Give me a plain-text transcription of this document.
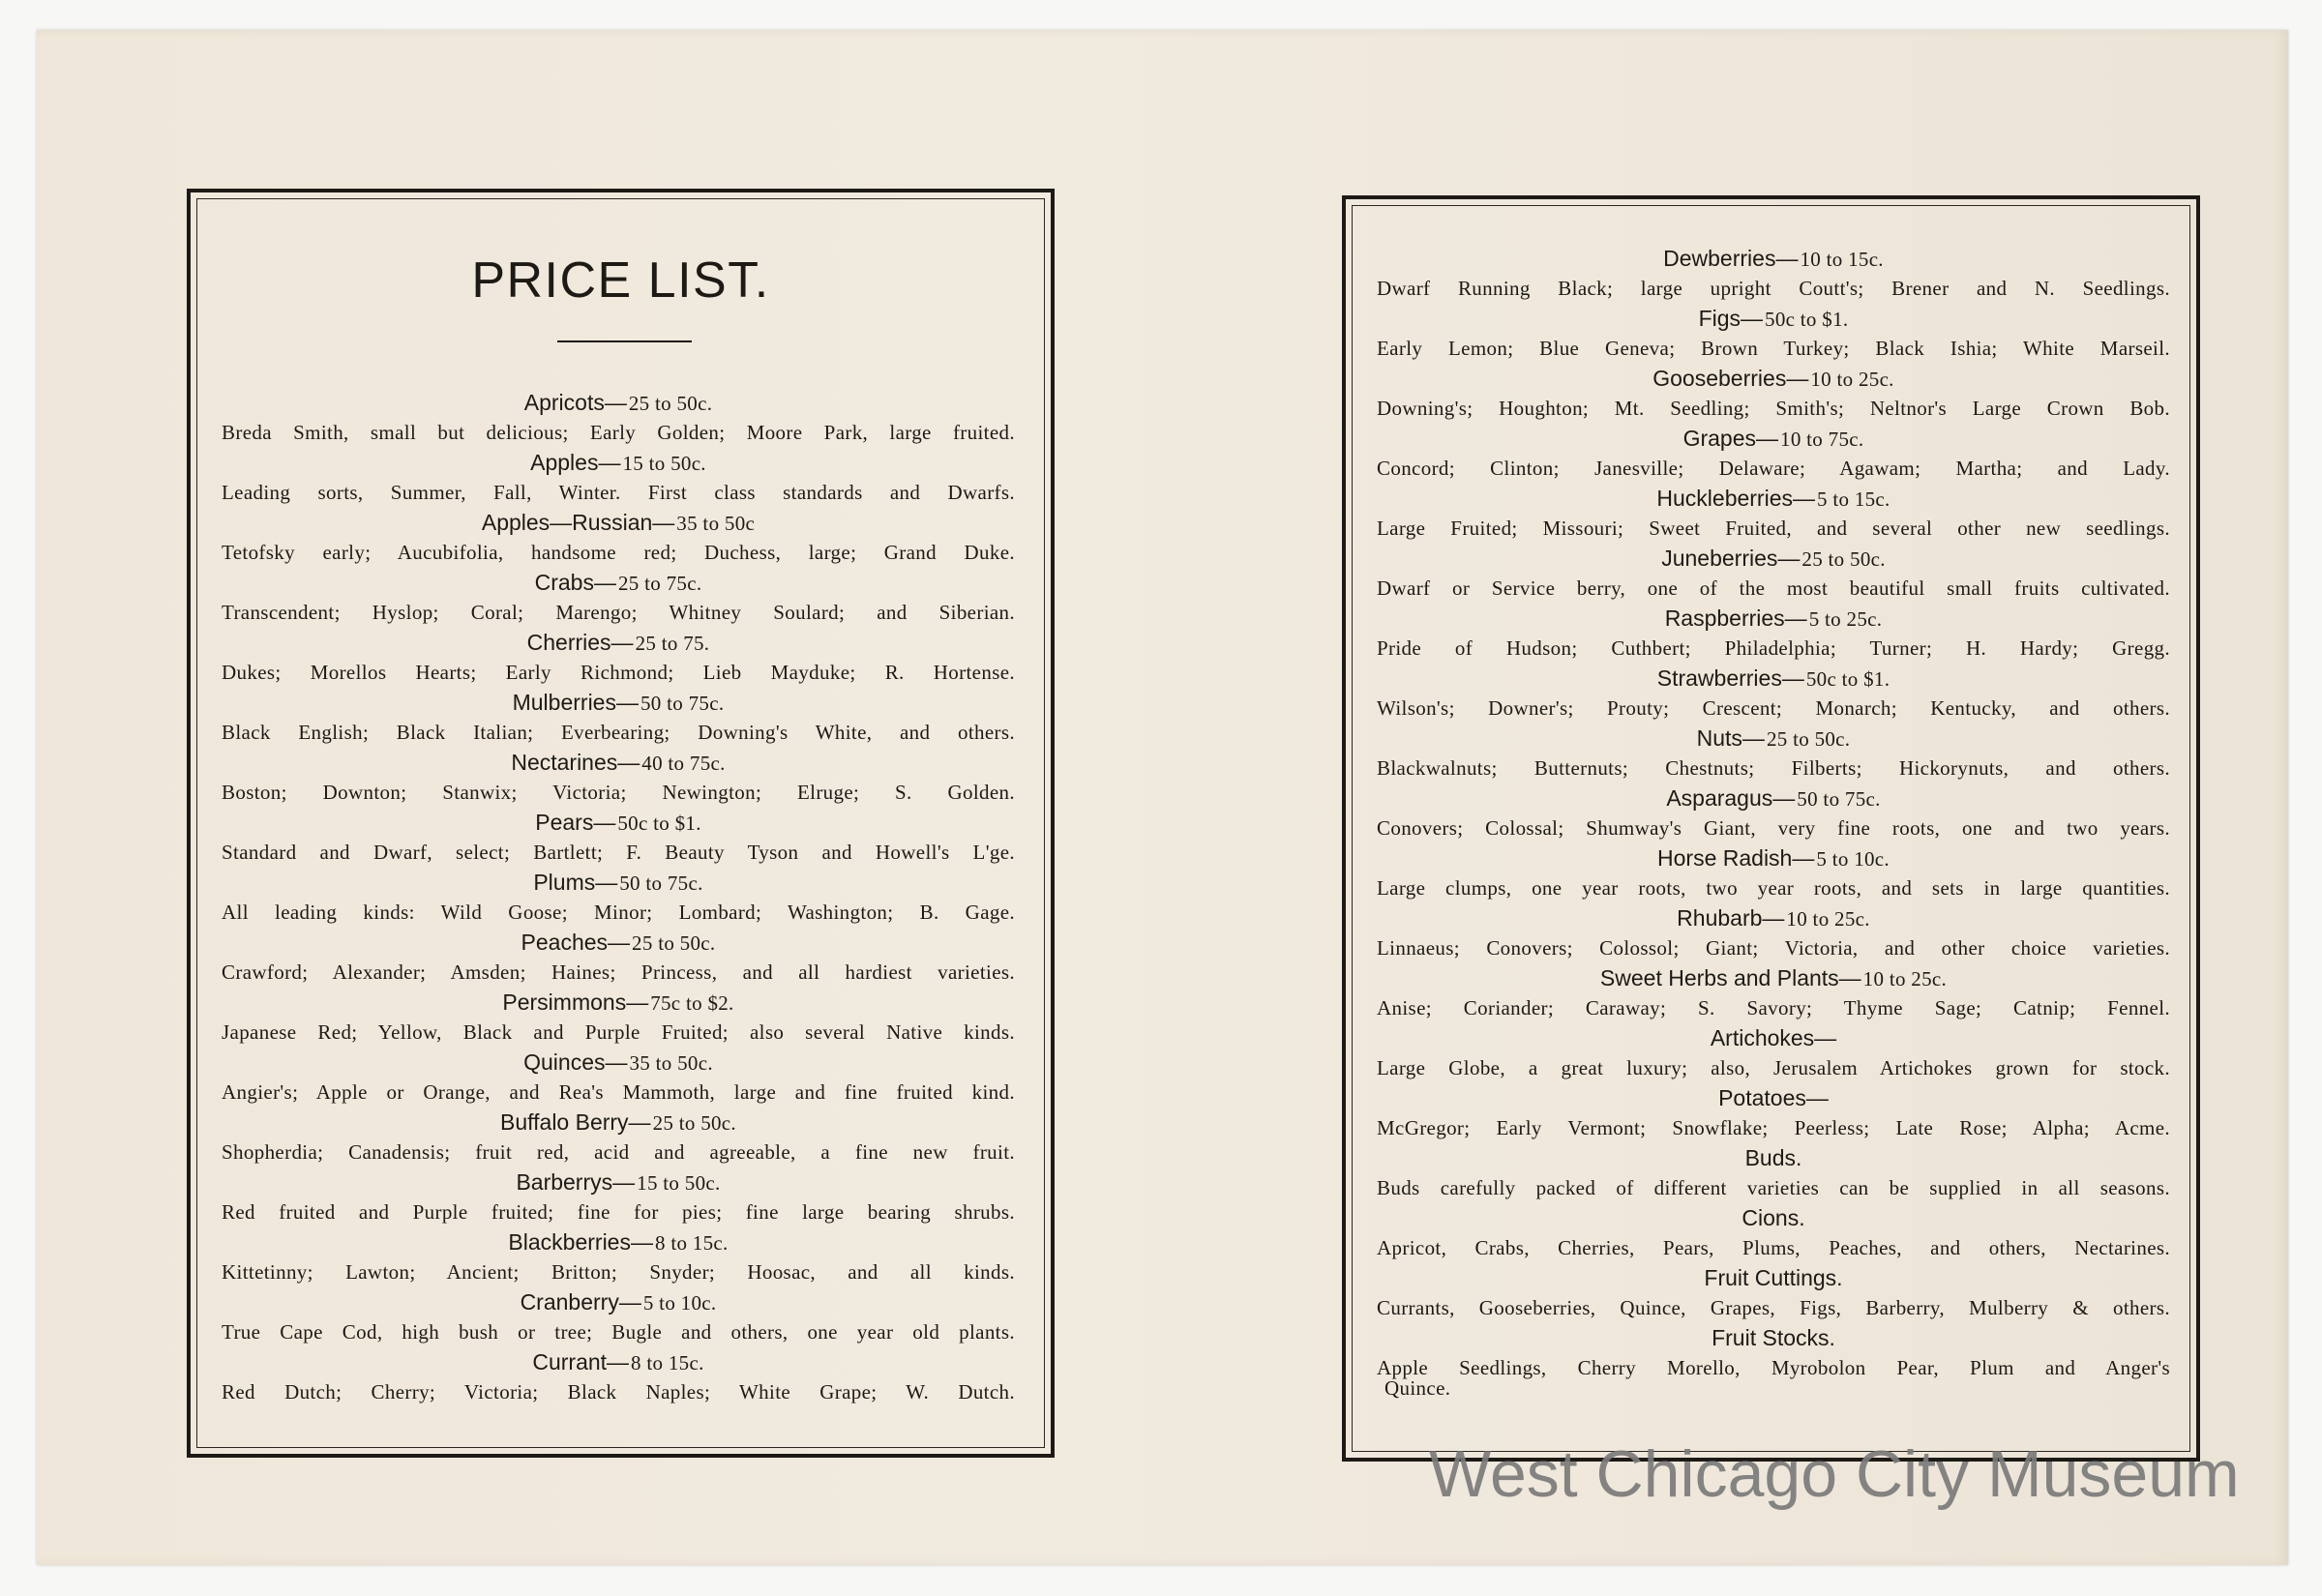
PRICE LIST.
Apricots—25 to 50c.
Breda Smith, small but delicious; Early Golden; Moore Park, large fruited.
Apples—15 to 50c.
Leading sorts, Summer, Fall, Winter. First class standards and Dwarfs.
Apples—Russian—35 to 50c
Tetofsky early; Aucubifolia, handsome red; Duchess, large; Grand Duke.
Crabs—25 to 75c.
Transcendent; Hyslop; Coral; Marengo; Whitney Soulard; and Siberian.
Cherries—25 to 75.
Dukes; Morellos Hearts; Early Richmond; Lieb Mayduke; R. Hortense.
Mulberries—50 to 75c.
Black English; Black Italian; Everbearing; Downing's White, and others.
Nectarines—40 to 75c.
Boston; Downton; Stanwix; Victoria; Newington; Elruge; S. Golden.
Pears—50c to $1.
Standard and Dwarf, select; Bartlett; F. Beauty Tyson and Howell's L'ge.
Plums—50 to 75c.
All leading kinds: Wild Goose; Minor; Lombard; Washington; B. Gage.
Peaches—25 to 50c.
Crawford; Alexander; Amsden; Haines; Princess, and all hardiest varieties.
Persimmons—75c to $2.
Japanese Red; Yellow, Black and Purple Fruited; also several Native kinds.
Quinces—35 to 50c.
Angier's; Apple or Orange, and Rea's Mammoth, large and fine fruited kind.
Buffalo Berry—25 to 50c.
Shopherdia; Canadensis; fruit red, acid and agreeable, a fine new fruit.
Barberrys—15 to 50c.
Red fruited and Purple fruited; fine for pies; fine large bearing shrubs.
Blackberries—8 to 15c.
Kittetinny; Lawton; Ancient; Britton; Snyder; Hoosac, and all kinds.
Cranberry—5 to 10c.
True Cape Cod, high bush or tree; Bugle and others, one year old plants.
Currant—8 to 15c.
Red Dutch; Cherry; Victoria; Black Naples; White Grape; W. Dutch.
Dewberries—10 to 15c.
Dwarf Running Black; large upright Coutt's; Brener and N. Seedlings.
Figs—50c to $1.
Early Lemon; Blue Geneva; Brown Turkey; Black Ishia; White Marseil.
Gooseberries—10 to 25c.
Downing's; Houghton; Mt. Seedling; Smith's; Neltnor's Large Crown Bob.
Grapes—10 to 75c.
Concord; Clinton; Janesville; Delaware; Agawam; Martha; and Lady.
Huckleberries—5 to 15c.
Large Fruited; Missouri; Sweet Fruited, and several other new seedlings.
Juneberries—25 to 50c.
Dwarf or Service berry, one of the most beautiful small fruits cultivated.
Raspberries—5 to 25c.
Pride of Hudson; Cuthbert; Philadelphia; Turner; H. Hardy; Gregg.
Strawberries—50c to $1.
Wilson's; Downer's; Prouty; Crescent; Monarch; Kentucky, and others.
Nuts—25 to 50c.
Blackwalnuts; Butternuts; Chestnuts; Filberts; Hickorynuts, and others.
Asparagus—50 to 75c.
Conovers; Colossal; Shumway's Giant, very fine roots, one and two years.
Horse Radish—5 to 10c.
Large clumps, one year roots, two year roots, and sets in large quantities.
Rhubarb—10 to 25c.
Linnaeus; Conovers; Colossol; Giant; Victoria, and other choice varieties.
Sweet Herbs and Plants—10 to 25c.
Anise; Coriander; Caraway; S. Savory; Thyme Sage; Catnip; Fennel.
Artichokes—
Large Globe, a great luxury; also, Jerusalem Artichokes grown for stock.
Potatoes—
McGregor; Early Vermont; Snowflake; Peerless; Late Rose; Alpha; Acme.
Buds.
Buds carefully packed of different varieties can be supplied in all seasons.
Cions.
Apricot, Crabs, Cherries, Pears, Plums, Peaches, and others, Nectarines.
Fruit Cuttings.
Currants, Gooseberries, Quince, Grapes, Figs, Barberry, Mulberry & others.
Fruit Stocks.
Apple Seedlings, Cherry Morello, Myrobolon Pear, Plum and Anger's
Quince.
West Chicago City Museum
